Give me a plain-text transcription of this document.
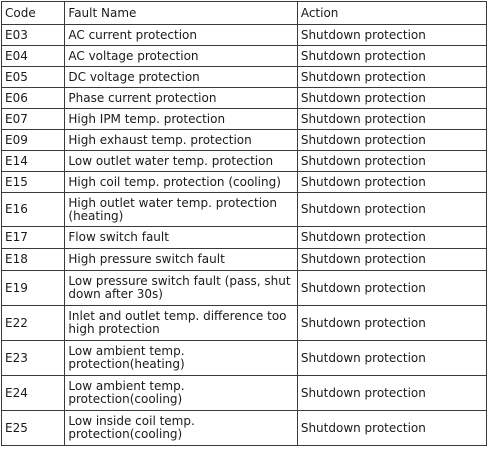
Code	Fault Name	Action
E03	AC current protection	Shutdown protection
E04	AC voltage protection	Shutdown protection
E05	DC voltage protection	Shutdown protection
E06	Phase current protection	Shutdown protection
E07	High IPM temp. protection	Shutdown protection
E09	High exhaust temp. protection	Shutdown protection
E14	Low outlet water temp. protection	Shutdown protection
E15	High coil temp. protection (cooling)	Shutdown protection
E16	High outlet water temp. protection (heating)	Shutdown protection
E17	Flow switch fault	Shutdown protection
E18	High pressure switch fault	Shutdown protection
E19	Low pressure switch fault (pass, shut down after 30s)	Shutdown protection
E22	Inlet and outlet temp. difference too high protection	Shutdown protection
E23	Low ambient temp. protection(heating)	Shutdown protection
E24	Low ambient temp. protection(cooling)	Shutdown protection
E25	Low inside coil temp. protection(cooling)	Shutdown protection
